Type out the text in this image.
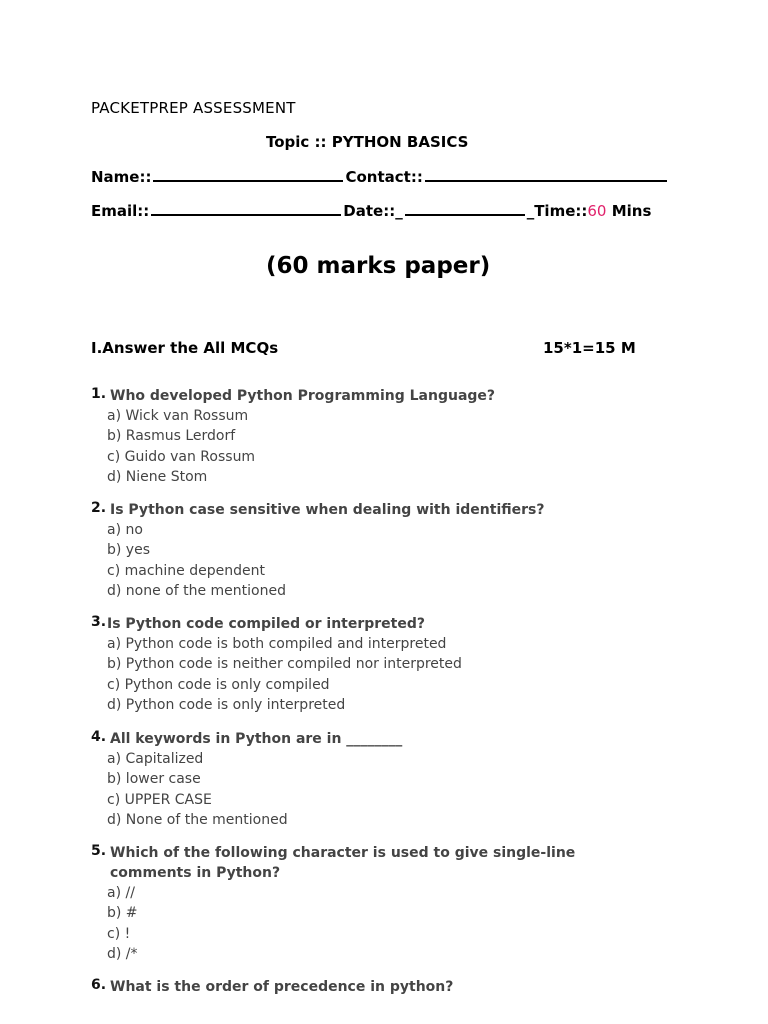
PACKETPREP ASSESSMENT
Topic :: PYTHON BASICS
Name::	Contact::
Email::	Date::_	_Time::60 Mins
(60 marks paper)
I.Answer the All MCQs	15*1=15 M
1. Who developed Python Programming Language?
a) Wick van Rossum
b) Rasmus Lerdorf
c) Guido van Rossum
d) Niene Stom
2. Is Python case sensitive when dealing with identifiers?
a) no
b) yes
c) machine dependent
d) none of the mentioned
3. Is Python code compiled or interpreted?
a) Python code is both compiled and interpreted
b) Python code is neither compiled nor interpreted
c) Python code is only compiled
d) Python code is only interpreted
4. All keywords in Python are in ________
a) Capitalized
b) lower case
c) UPPER CASE
d) None of the mentioned
5. Which of the following character is used to give single-line comments in Python?
a) //
b) #
c) !
d) /*
6. What is the order of precedence in python?
